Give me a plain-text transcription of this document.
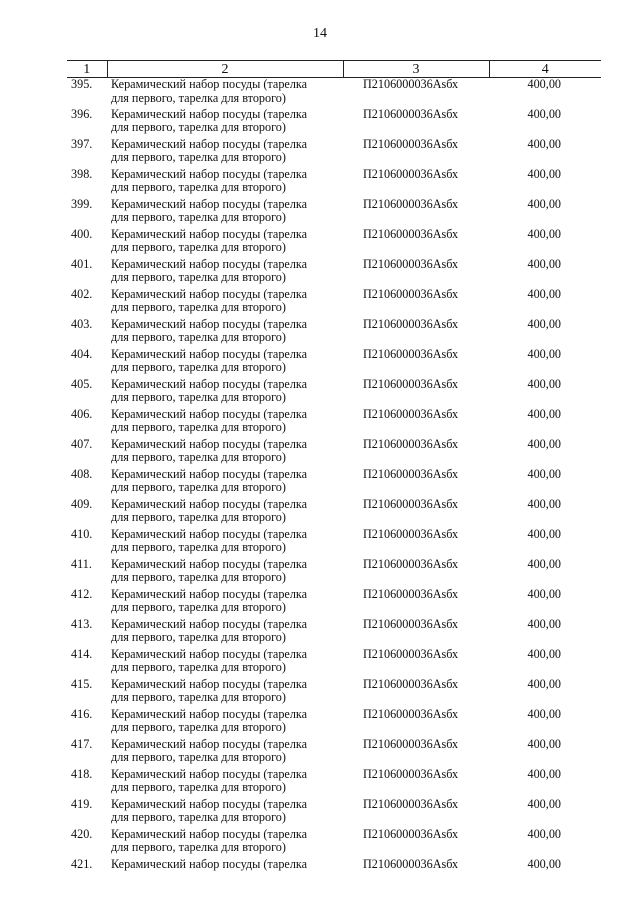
14
1	2	3	4
395.	Керамический набор посуды (тарелка
для первого, тарелка для второго)	П2106000036Asбх	400,00
396.	Керамический набор посуды (тарелка
для первого, тарелка для второго)	П2106000036Asбх	400,00
397.	Керамический набор посуды (тарелка
для первого, тарелка для второго)	П2106000036Asбх	400,00
398.	Керамический набор посуды (тарелка
для первого, тарелка для второго)	П2106000036Asбх	400,00
399.	Керамический набор посуды (тарелка
для первого, тарелка для второго)	П2106000036Asбх	400,00
400.	Керамический набор посуды (тарелка
для первого, тарелка для второго)	П2106000036Asбх	400,00
401.	Керамический набор посуды (тарелка
для первого, тарелка для второго)	П2106000036Asбх	400,00
402.	Керамический набор посуды (тарелка
для первого, тарелка для второго)	П2106000036Asбх	400,00
403.	Керамический набор посуды (тарелка
для первого, тарелка для второго)	П2106000036Asбх	400,00
404.	Керамический набор посуды (тарелка
для первого, тарелка для второго)	П2106000036Asбх	400,00
405.	Керамический набор посуды (тарелка
для первого, тарелка для второго)	П2106000036Asбх	400,00
406.	Керамический набор посуды (тарелка
для первого, тарелка для второго)	П2106000036Asбх	400,00
407.	Керамический набор посуды (тарелка
для первого, тарелка для второго)	П2106000036Asбх	400,00
408.	Керамический набор посуды (тарелка
для первого, тарелка для второго)	П2106000036Asбх	400,00
409.	Керамический набор посуды (тарелка
для первого, тарелка для второго)	П2106000036Asбх	400,00
410.	Керамический набор посуды (тарелка
для первого, тарелка для второго)	П2106000036Asбх	400,00
411.	Керамический набор посуды (тарелка
для первого, тарелка для второго)	П2106000036Asбх	400,00
412.	Керамический набор посуды (тарелка
для первого, тарелка для второго)	П2106000036Asбх	400,00
413.	Керамический набор посуды (тарелка
для первого, тарелка для второго)	П2106000036Asбх	400,00
414.	Керамический набор посуды (тарелка
для первого, тарелка для второго)	П2106000036Asбх	400,00
415.	Керамический набор посуды (тарелка
для первого, тарелка для второго)	П2106000036Asбх	400,00
416.	Керамический набор посуды (тарелка
для первого, тарелка для второго)	П2106000036Asбх	400,00
417.	Керамический набор посуды (тарелка
для первого, тарелка для второго)	П2106000036Asбх	400,00
418.	Керамический набор посуды (тарелка
для первого, тарелка для второго)	П2106000036Asбх	400,00
419.	Керамический набор посуды (тарелка
для первого, тарелка для второго)	П2106000036Asбх	400,00
420.	Керамический набор посуды (тарелка
для первого, тарелка для второго)	П2106000036Asбх	400,00
421.	Керамический набор посуды (тарелка	П2106000036Asбх	400,00
